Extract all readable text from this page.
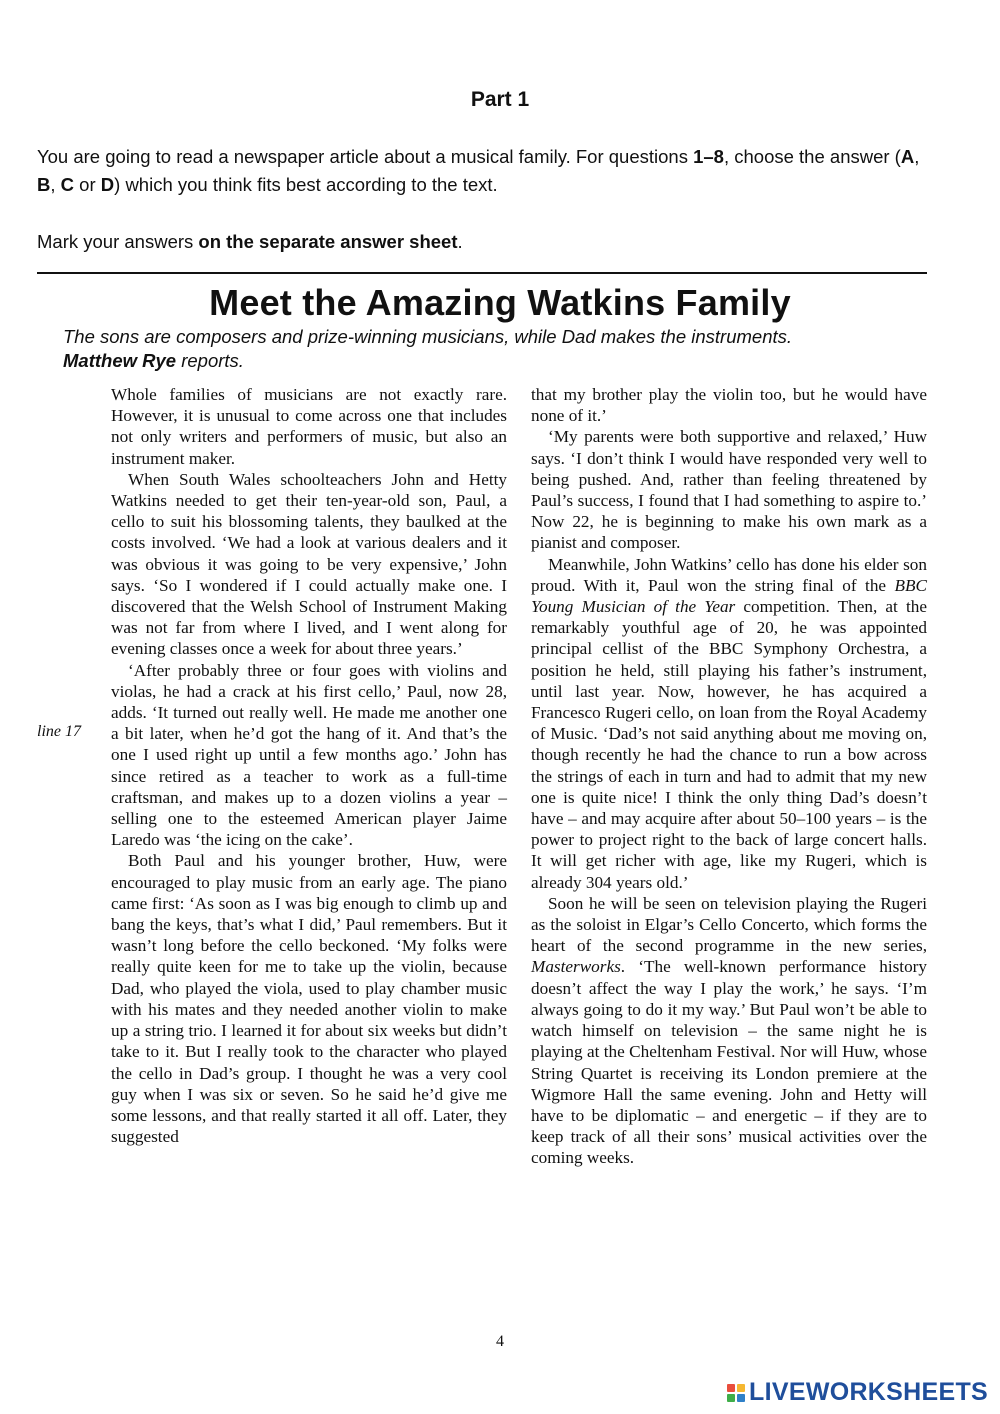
Part 1
You are going to read a newspaper article about a musical family. For questions 1–8, choose the answer (A, B, C or D) which you think fits best according to the text.
Mark your answers on the separate answer sheet.
Meet the Amazing Watkins Family
The sons are composers and prize-winning musicians, while Dad makes the instruments.
Matthew Rye reports.
line 17

Whole families of musicians are not exactly rare. However, it is unusual to come across one that includes not only writers and performers of music, but also an instrument maker.

When South Wales schoolteachers John and Hetty Watkins needed to get their ten-year-old son, Paul, a cello to suit his blossoming talents, they baulked at the costs involved. ‘We had a look at various dealers and it was obvious it was going to be very expensive,’ John says. ‘So I wondered if I could actually make one. I discovered that the Welsh School of Instrument Making was not far from where I lived, and I went along for evening classes once a week for about three years.’

‘After probably three or four goes with violins and violas, he had a crack at his first cello,’ Paul, now 28, adds. ‘It turned out really well. He made me another one a bit later, when he’d got the hang of it. And that’s the one I used right up until a few months ago.’ John has since retired as a teacher to work as a full-time craftsman, and makes up to a dozen violins a year – selling one to the esteemed American player Jaime Laredo was ‘the icing on the cake’.

Both Paul and his younger brother, Huw, were encouraged to play music from an early age. The piano came first: ‘As soon as I was big enough to climb up and bang the keys, that’s what I did,’ Paul remembers. But it wasn’t long before the cello beckoned. ‘My folks were really quite keen for me to take up the violin, because Dad, who played the viola, used to play chamber music with his mates and they needed another violin to make up a string trio. I learned it for about six weeks but didn’t take to it. But I really took to the character who played the cello in Dad’s group. I thought he was a very cool guy when I was six or seven. So he said he’d give me some lessons, and that really started it all off. Later, they suggested

that my brother play the violin too, but he would have none of it.’

‘My parents were both supportive and relaxed,’ Huw says. ‘I don’t think I would have responded very well to being pushed. And, rather than feeling threatened by Paul’s success, I found that I had something to aspire to.’ Now 22, he is beginning to make his own mark as a pianist and composer.

Meanwhile, John Watkins’ cello has done his elder son proud. With it, Paul won the string final of the BBC Young Musician of the Year competition. Then, at the remarkably youthful age of 20, he was appointed principal cellist of the BBC Symphony Orchestra, a position he held, still playing his father’s instrument, until last year. Now, however, he has acquired a Francesco Rugeri cello, on loan from the Royal Academy of Music. ‘Dad’s not said anything about me moving on, though recently he had the chance to run a bow across the strings of each in turn and had to admit that my new one is quite nice! I think the only thing Dad’s doesn’t have – and may acquire after about 50–100 years – is the power to project right to the back of large concert halls. It will get richer with age, like my Rugeri, which is already 304 years old.’

Soon he will be seen on television playing the Rugeri as the soloist in Elgar’s Cello Concerto, which forms the heart of the second programme in the new series, Masterworks. ‘The well-known performance history doesn’t affect the way I play the work,’ he says. ‘I’m always going to do it my way.’ But Paul won’t be able to watch himself on television – the same night he is playing at the Cheltenham Festival. Nor will Huw, whose String Quartet is receiving its London premiere at the Wigmore Hall the same evening. John and Hetty will have to be diplomatic – and energetic – if they are to keep track of all their sons’ musical activities over the coming weeks.

4
LIVEWORKSHEETS
